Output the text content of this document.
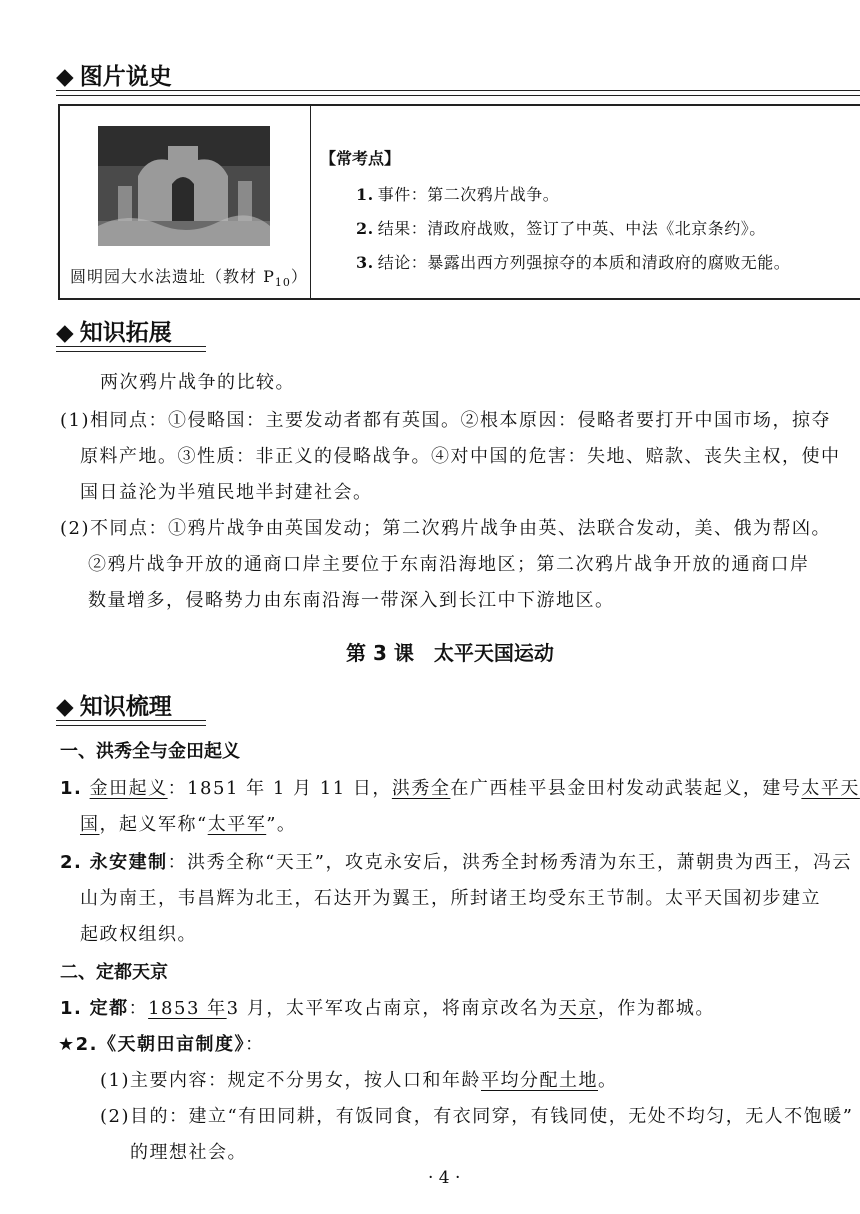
◆ 图片说史
圆明园大水法遗址（教材 $P_{10}$）
【常考点】
1. 事件：第二次鸦片战争。
2. 结果：清政府战败，签订了中英、中法《北京条约》。
3. 结论：暴露出西方列强掠夺的本质和清政府的腐败无能。
◆ 知识拓展
两次鸦片战争的比较。
(1)相同点：①侵略国：主要发动者都有英国。②根本原因：侵略者要打开中国市场，掠夺
原料产地。③性质：非正义的侵略战争。④对中国的危害：失地、赔款、丧失主权，使中
国日益沦为半殖民地半封建社会。
(2)不同点：①鸦片战争由英国发动；第二次鸦片战争由英、法联合发动，美、俄为帮凶。
②鸦片战争开放的通商口岸主要位于东南沿海地区；第二次鸦片战争开放的通商口岸
数量增多，侵略势力由东南沿海一带深入到长江中下游地区。
第 3 课　太平天国运动
◆ 知识梳理
一、洪秀全与金田起义
1. 金田起义：1851 年 1 月 11 日，洪秀全在广西桂平县金田村发动武装起义，建号太平天
国，起义军称“太平军”。
2. 永安建制：洪秀全称“天王”，攻克永安后，洪秀全封杨秀清为东王，萧朝贵为西王，冯云
山为南王，韦昌辉为北王，石达开为翼王，所封诸王均受东王节制。太平天国初步建立
起政权组织。
二、定都天京
1. 定都：1853 年3 月，太平军攻占南京，将南京改名为天京，作为都城。
★2.《天朝田亩制度》：
(1)主要内容：规定不分男女，按人口和年龄平均分配土地。
(2)目的：建立“有田同耕，有饭同食，有衣同穿，有钱同使，无处不均匀，无人不饱暖”
的理想社会。
· 4 ·
